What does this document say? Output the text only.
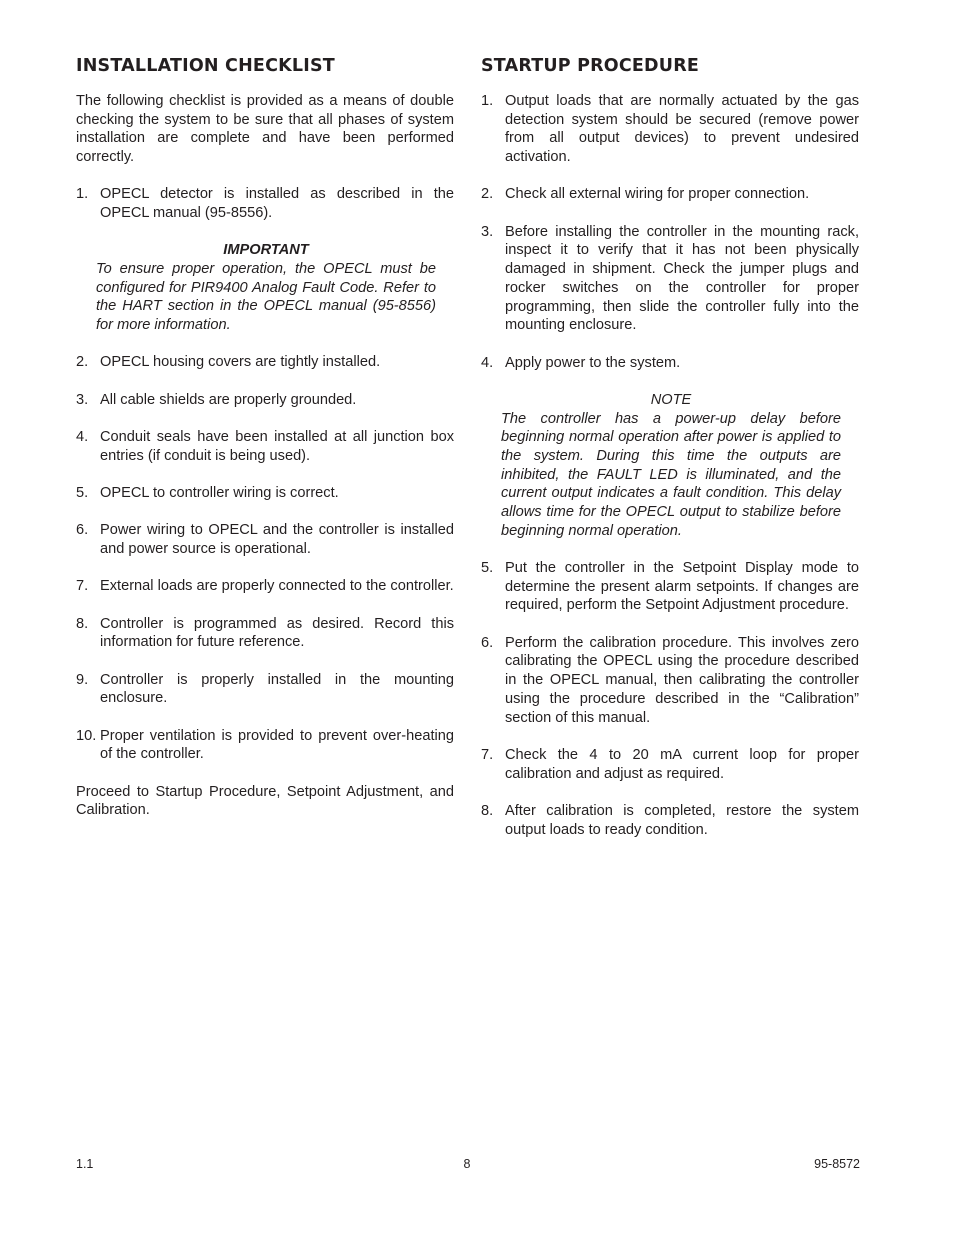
INSTALLATION CHECKLIST

The following checklist is provided as a means of double checking the system to be sure that all phases of system installation are complete and have been performed correctly.

1. OPECL detector is installed as described in the OPECL manual (95-8556).
IMPORTANT
To ensure proper operation, the OPECL must be configured for PIR9400 Analog Fault Code. Refer to the HART section in the OPECL manual (95-8556) for more information.
2. OPECL housing covers are tightly installed.
3. All cable shields are properly grounded.
4. Conduit seals have been installed at all junction box entries (if conduit is being used).
5. OPECL to controller wiring is correct.
6. Power wiring to OPECL and the controller is installed and power source is operational.
7. External loads are properly connected to the controller.
8. Controller is programmed as desired. Record this information for future reference.
9. Controller is properly installed in the mounting enclosure.
10. Proper ventilation is provided to prevent over-heating of the controller.

Proceed to Startup Procedure, Setpoint Adjustment, and Calibration.

STARTUP PROCEDURE
1. Output loads that are normally actuated by the gas detection system should be secured (remove power from all output devices) to prevent undesired activation.
2. Check all external wiring for proper connection.
3. Before installing the controller in the mounting rack, inspect it to verify that it has not been physically damaged in shipment. Check the jumper plugs and rocker switches on the controller for proper programming, then slide the controller fully into the mounting enclosure.
4. Apply power to the system.
NOTE
The controller has a power-up delay before beginning normal operation after power is applied to the system. During this time the outputs are inhibited, the FAULT LED is illuminated, and the current output indicates a fault condition. This delay allows time for the OPECL output to stabilize before beginning normal operation.
5. Put the controller in the Setpoint Display mode to determine the present alarm setpoints. If changes are required, perform the Setpoint Adjustment procedure.
6. Perform the calibration procedure. This involves zero calibrating the OPECL using the procedure described in the OPECL manual, then calibrating the controller using the procedure described in the “Calibration” section of this manual.
7. Check the 4 to 20 mA current loop for proper calibration and adjust as required.
8. After calibration is completed, restore the system output loads to ready condition.
1.1	8	95-8572
